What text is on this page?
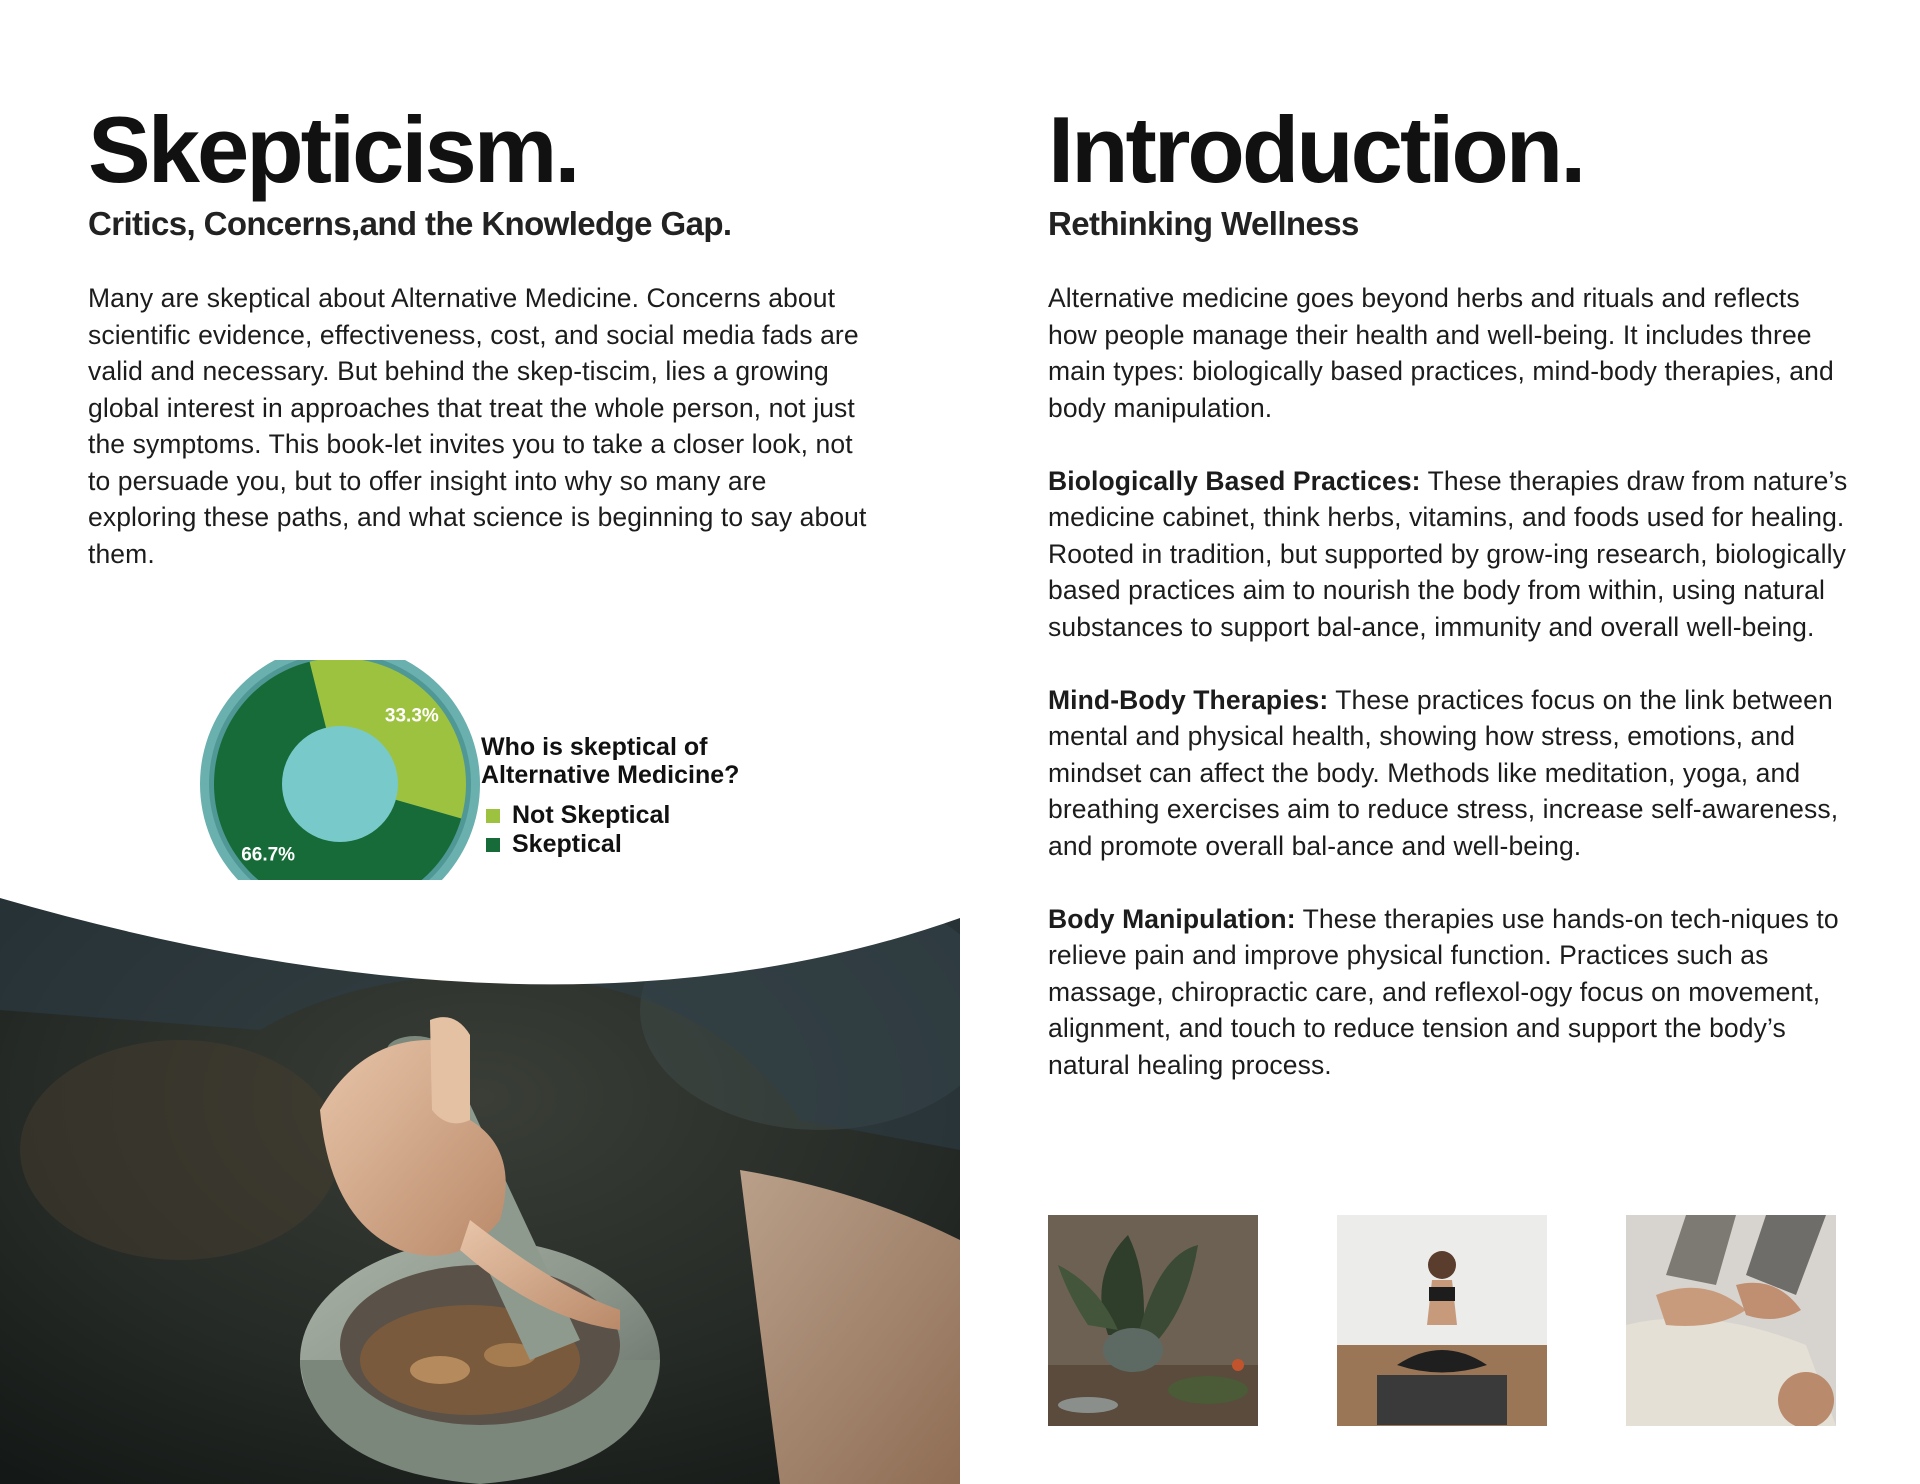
Skepticism.
Critics, Concerns,and the Knowledge Gap.

Many are skeptical about Alternative Medicine. Concerns about scientific evidence, effectiveness, cost, and social media fads are valid and necessary. But behind the skep-tiscim, lies a growing global interest in approaches that treat the whole person, not just the symptoms. This book-let invites you to take a closer look, not to persuade you, but to offer insight into why so many are exploring these paths, and what science is beginning to say about them.

33.3%
66.7%
Who is skeptical of Alternative Medicine?
Not Skeptical
Skeptical
Introduction.
Rethinking Wellness

Alternative medicine goes beyond herbs and rituals and reflects how people manage their health and well-being. It includes three main types: biologically based practices, mind-body therapies, and body manipulation.

Biologically Based Practices: These therapies draw from nature’s medicine cabinet, think herbs, vitamins, and foods used for healing. Rooted in tradition, but supported by grow-ing research, biologically based practices aim to nourish the body from within, using natural substances to support bal-ance, immunity and overall well-being.

Mind-Body Therapies: These practices focus on the link between mental and physical health, showing how stress, emotions, and mindset can affect the body. Methods like meditation, yoga, and breathing exercises aim to reduce stress, increase self-awareness, and promote overall bal-ance and well-being.

Body Manipulation: These therapies use hands-on tech-niques to relieve pain and improve physical function. Practices such as massage, chiropractic care, and reflexol-ogy focus on movement, alignment, and touch to reduce tension and support the body’s natural healing process.
